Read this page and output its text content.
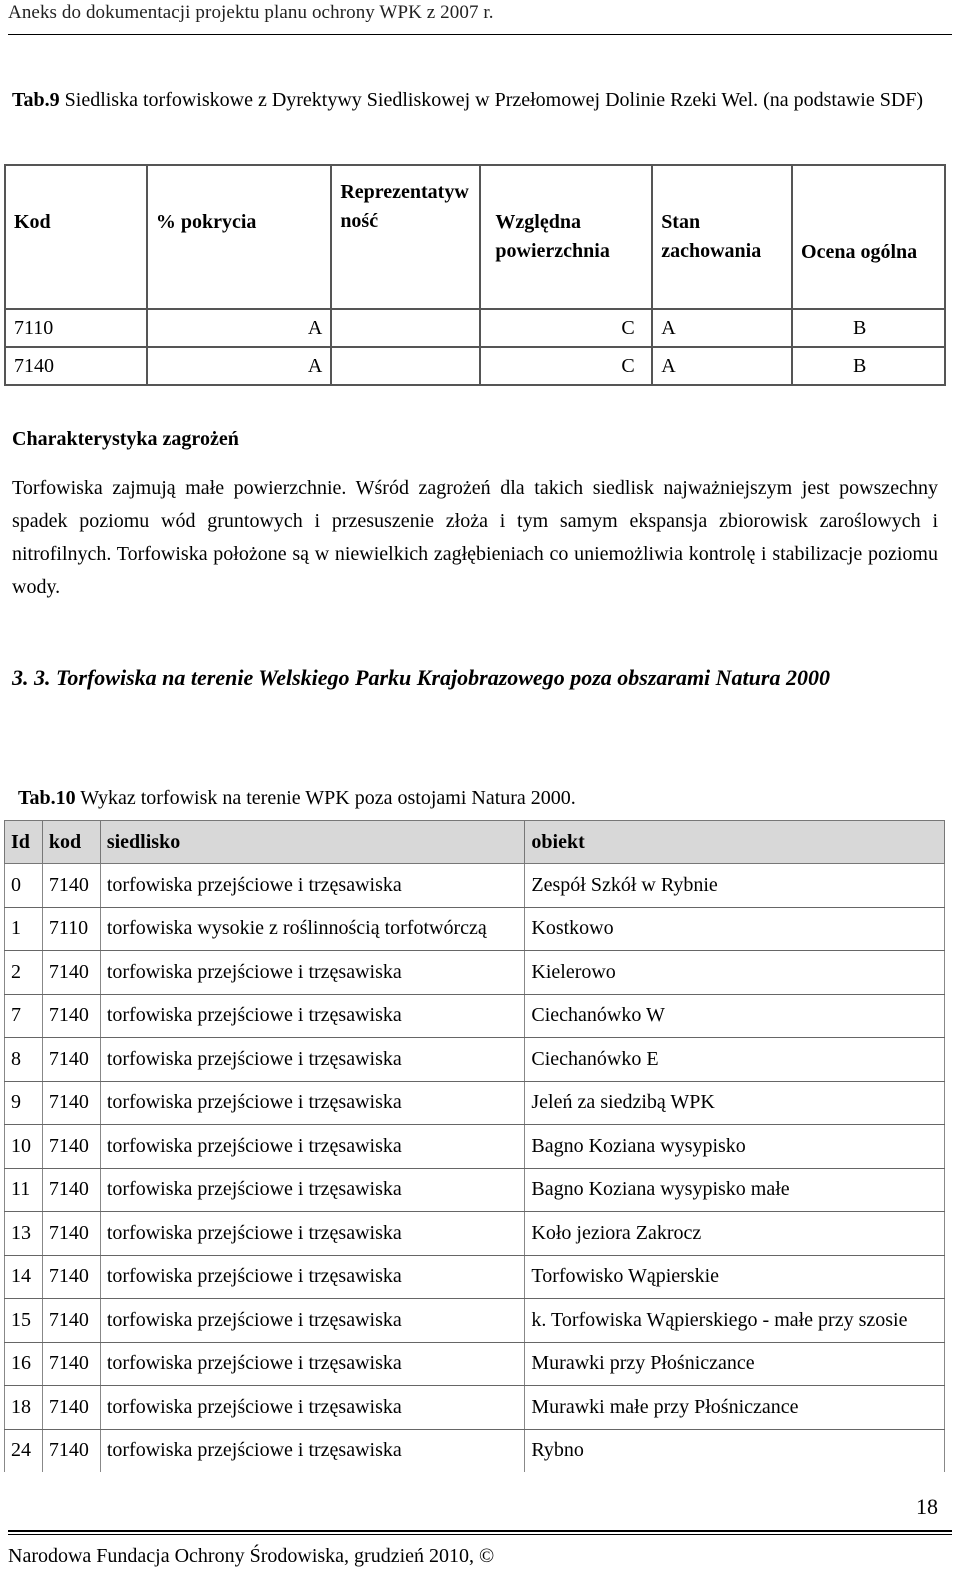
Aneks do dokumentacji projektu planu ochrony WPK z 2007 r.
Tab.9 Siedliska torfowiskowe z Dyrektywy Siedliskowej w Przełomowej Dolinie Rzeki Wel. (na podstawie SDF)
Kod	% pokrycia	Reprezentatywność	Względna powierzchnia	Stan zachowania	Ocena ogólna
7110	A		C	A	B
7140	A		C	A	B
Charakterystyka zagrożeń
Torfowiska zajmują małe powierzchnie. Wśród zagrożeń dla takich siedlisk najważniejszym jest powszechny spadek poziomu wód gruntowych i przesuszenie złoża i tym samym ekspansja zbiorowisk zaroślowych i nitrofilnych. Torfowiska położone są w niewielkich zagłębieniach co uniemożliwia kontrolę i stabilizacje poziomu wody.
3. 3. Torfowiska na terenie Welskiego Parku Krajobrazowego poza obszarami Natura 2000
Tab.10 Wykaz torfowisk na terenie WPK poza ostojami Natura 2000.
Id	kod	siedlisko	obiekt
0	7140	torfowiska przejściowe i trzęsawiska	Zespół Szkół w Rybnie
1	7110	torfowiska wysokie z roślinnością torfotwórczą	Kostkowo
2	7140	torfowiska przejściowe i trzęsawiska	Kielerowo
7	7140	torfowiska przejściowe i trzęsawiska	Ciechanówko W
8	7140	torfowiska przejściowe i trzęsawiska	Ciechanówko E
9	7140	torfowiska przejściowe i trzęsawiska	Jeleń za siedzibą WPK
10	7140	torfowiska przejściowe i trzęsawiska	Bagno Koziana wysypisko
11	7140	torfowiska przejściowe i trzęsawiska	Bagno Koziana wysypisko małe
13	7140	torfowiska przejściowe i trzęsawiska	Koło jeziora Zakrocz
14	7140	torfowiska przejściowe i trzęsawiska	Torfowisko Wąpierskie
15	7140	torfowiska przejściowe i trzęsawiska	k. Torfowiska Wąpierskiego - małe przy szosie
16	7140	torfowiska przejściowe i trzęsawiska	Murawki przy Płośniczance
18	7140	torfowiska przejściowe i trzęsawiska	Murawki małe przy Płośniczance
24	7140	torfowiska przejściowe i trzęsawiska	Rybno
18
Narodowa Fundacja Ochrony Środowiska, grudzień 2010, ©
